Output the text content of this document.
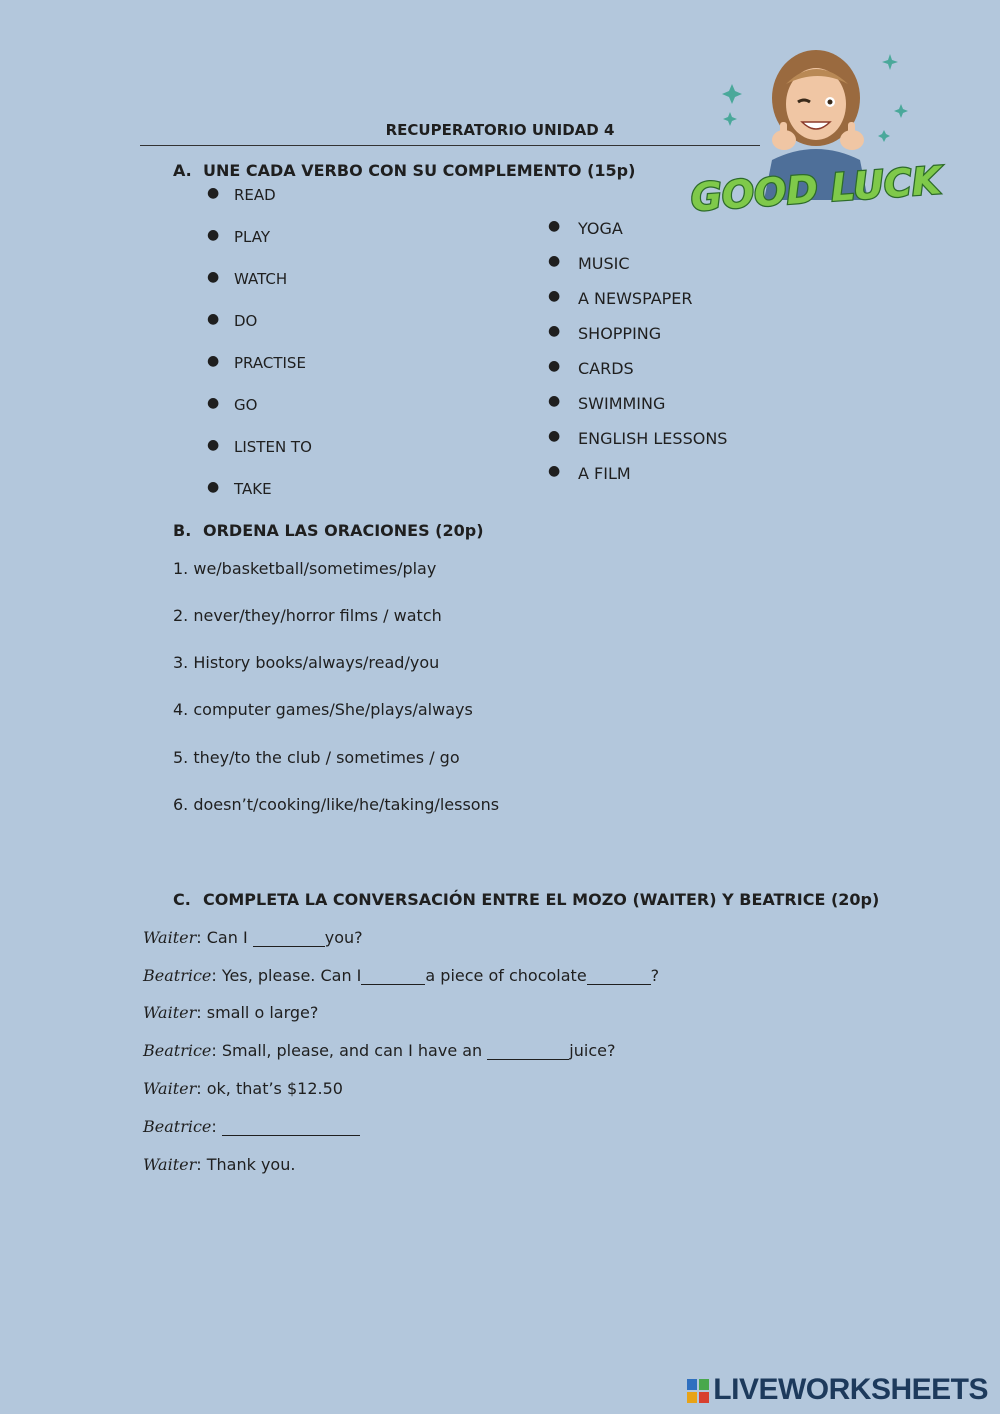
GOOD LUCK
RECUPERATORIO UNIDAD 4
A. UNE CADA VERBO CON SU COMPLEMENTO (15p)
● READ
● PLAY
● WATCH
● DO
● PRACTISE
● GO
● LISTEN TO
● TAKE
● YOGA
● MUSIC
● A NEWSPAPER
● SHOPPING
● CARDS
● SWIMMING
● ENGLISH LESSONS
● A FILM
B. ORDENA LAS ORACIONES (20p)
1. we/basketball/sometimes/play
2. never/they/horror films / watch
3. History books/always/read/you
4. computer games/She/plays/always
5. they/to the club / sometimes / go
6. doesn’t/cooking/like/he/taking/lessons
C. COMPLETA LA CONVERSACIÓN ENTRE EL MOZO (WAITER) Y BEATRICE (20p)
Waiter: Can I	you?
Beatrice: Yes, please. Can I	a piece of chocolate	?
Waiter: small o large?
Beatrice: Small, please, and can I have an	juice?
Waiter: ok, that’s $12.50
Beatrice:
Waiter: Thank you.
LIVEWORKSHEETS
